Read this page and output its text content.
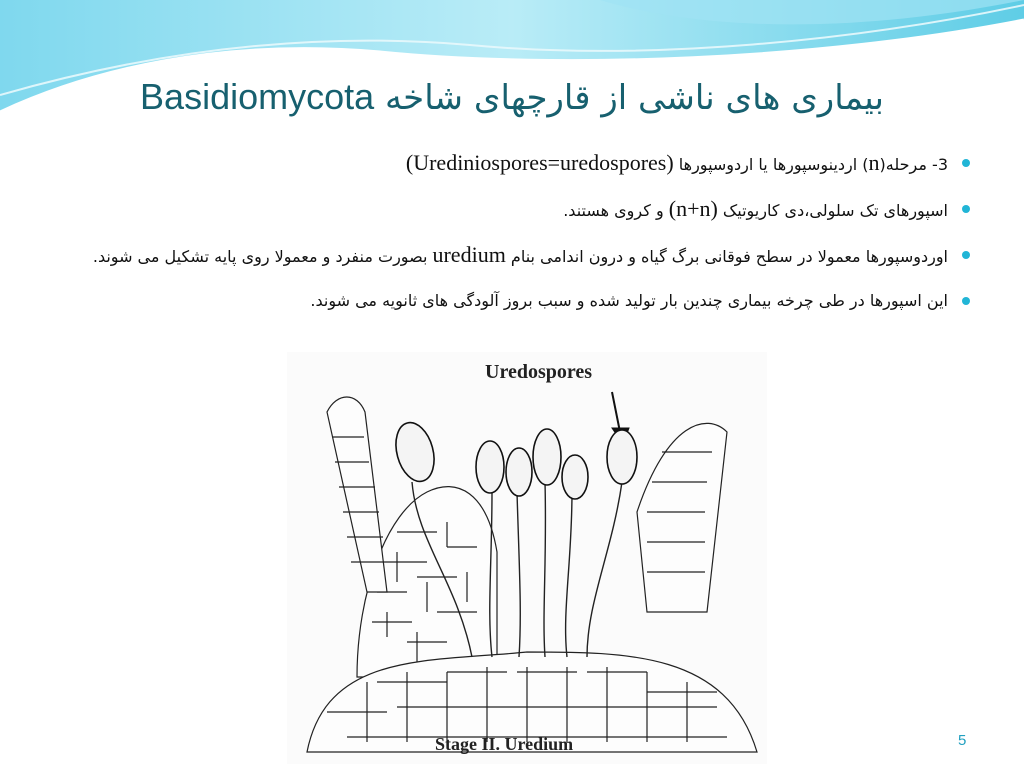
Basidiomycota بیماری های ناشی از قارچهای شاخه
3- مرحله(n) اردینوسپورها یا اردوسپورها (Urediniospores=uredospores)
اسپورهای تک سلولی،دی کاریوتیک (n+n) و کروی هستند.
اوردوسپورها معمولا در سطح فوقانی برگ گیاه و درون اندامی بنام uredium بصورت منفرد و معمولا روی پایه تشکیل می شوند.
این اسپورها در طی چرخه بیماری چندین بار تولید شده و سبب بروز آلودگی های ثانویه می شوند.
Uredospores
Stage II. Uredium	5
